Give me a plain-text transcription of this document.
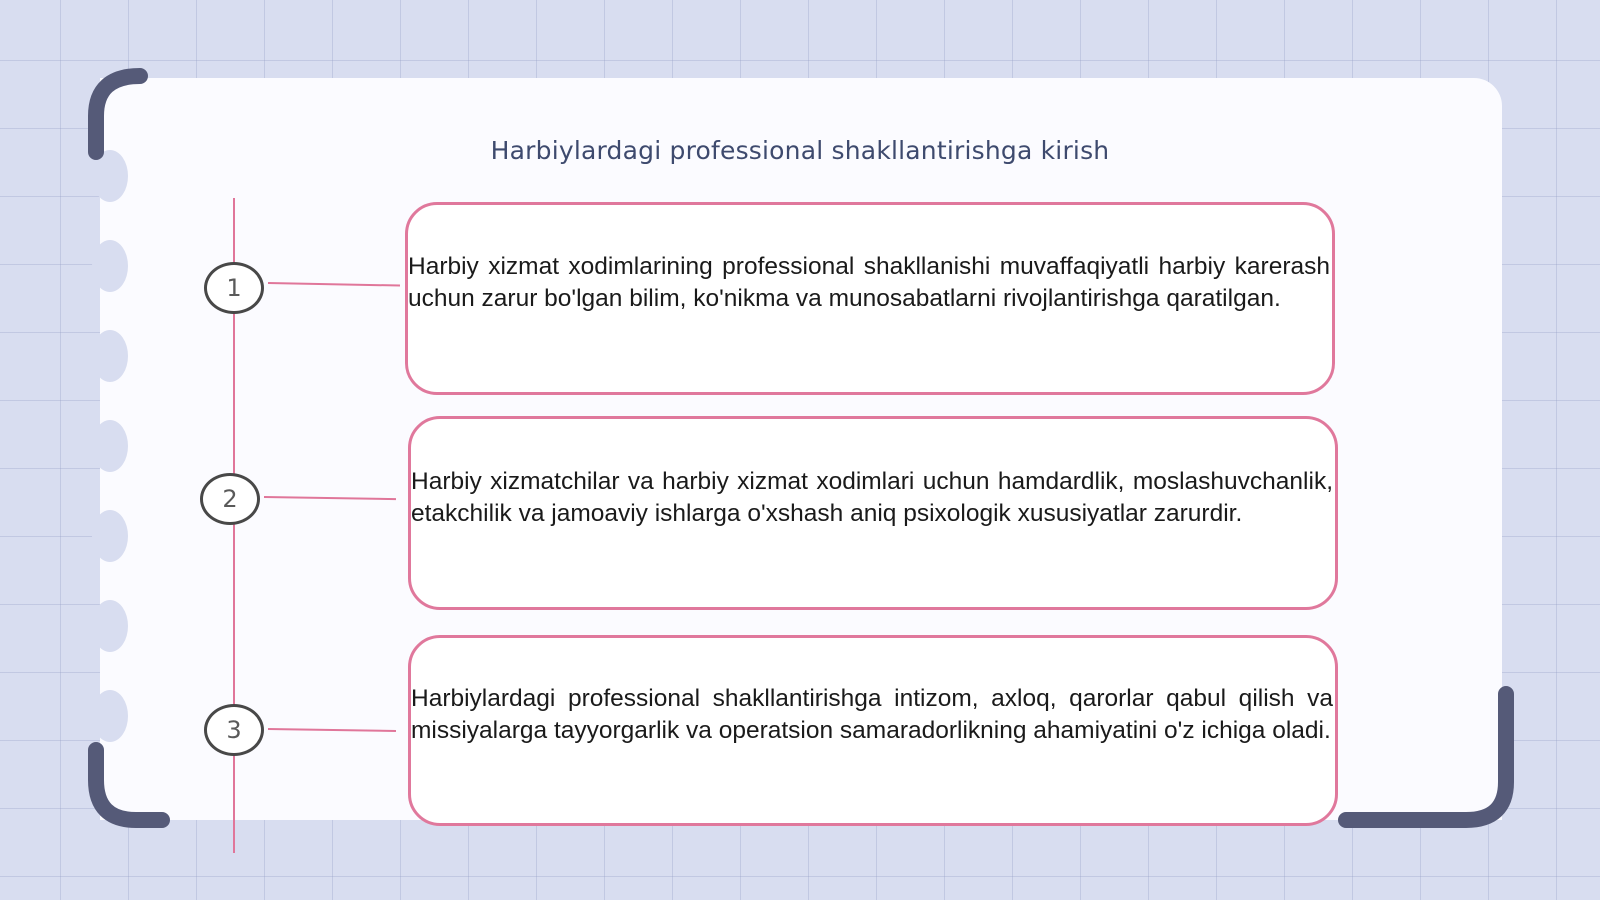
Harbiylardagi professional shakllantirishga kirish
1
Harbiy xizmat xodimlarining professional shakllanishi muvaffaqiyatli harbiy karerash uchun zarur bo'lgan bilim, ko'nikma va munosabatlarni rivojlantirishga qaratilgan.
2
Harbiy xizmatchilar va harbiy xizmat xodimlari uchun hamdardlik, moslashuvchanlik, etakchilik va jamoaviy ishlarga o'xshash aniq psixologik xususiyatlar zarurdir.
3
Harbiylardagi professional shakllantirishga intizom, axloq, qarorlar qabul qilish va missiyalarga tayyorgarlik va operatsion samaradorlikning ahamiyatini o'z ichiga oladi.
